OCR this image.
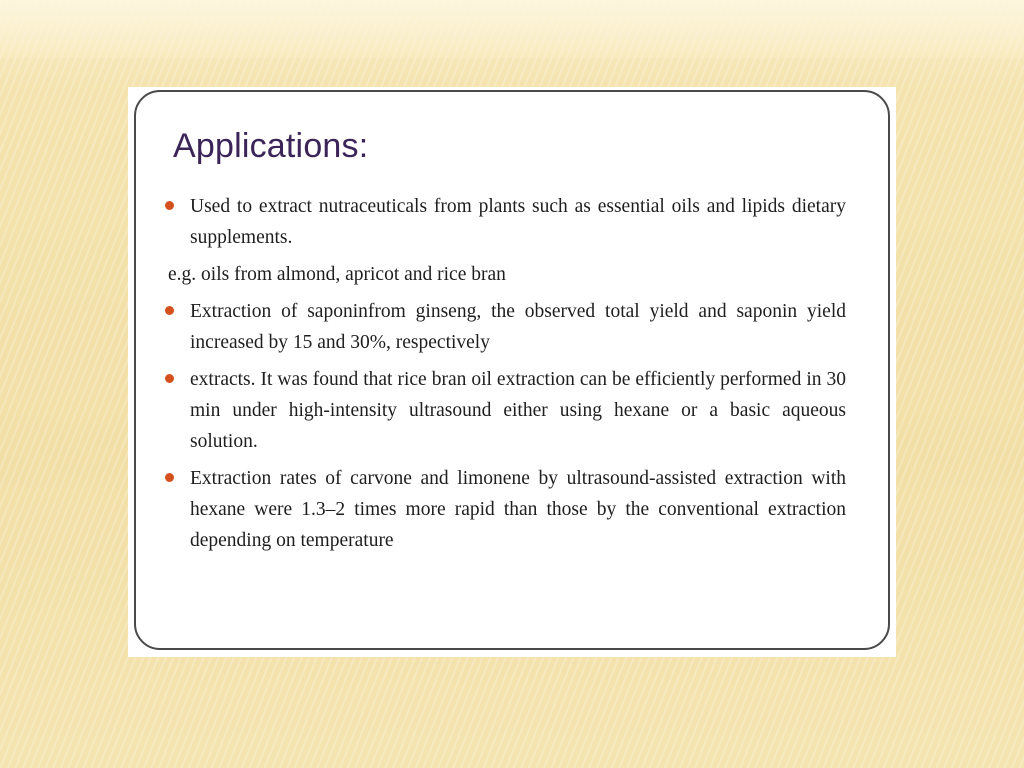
Applications:
Used to extract nutraceuticals from plants such as essential oils and lipids dietary supplements.
e.g. oils from almond, apricot and rice bran
Extraction of saponinfrom ginseng, the observed total yield and saponin yield increased by 15 and 30%, respectively
extracts. It was found that rice bran oil extraction can be efficiently performed in 30 min under high-intensity ultrasound either using hexane or a basic aqueous solution.
Extraction rates of carvone and limonene by ultrasound-assisted extraction with hexane were 1.3–2 times more rapid than those by the conventional extraction depending on temperature
